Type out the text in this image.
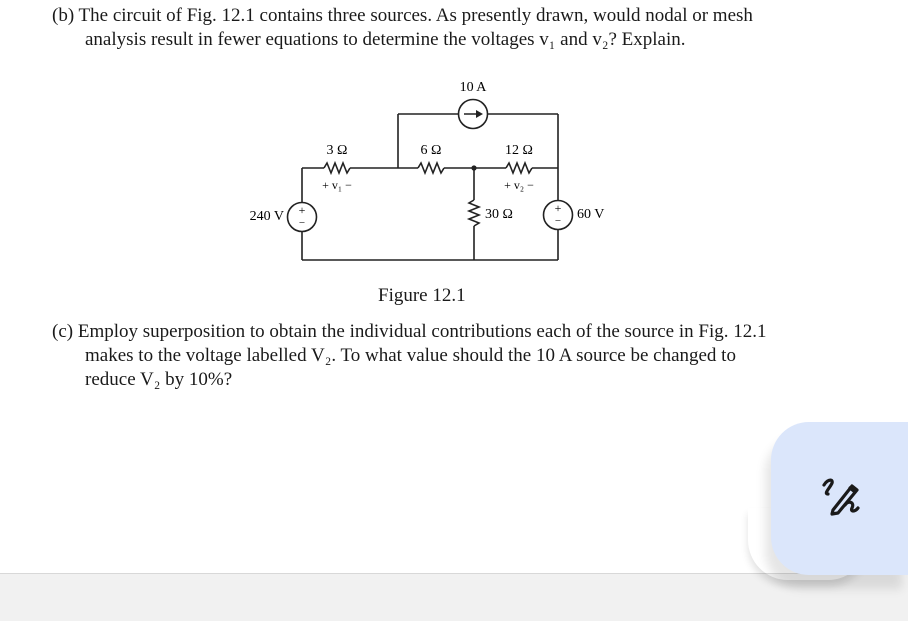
(b) The circuit of Fig. 12.1 contains three sources. As presently drawn, would nodal or mesh
analysis result in fewer equations to determine the voltages v₁ and v₂? Explain.
+
−
+
−
10 A
3 Ω	6 Ω	12 Ω
30 Ω
240 V	60 V
+ v₁ −	+ v₂ −
Figure 12.1
(c) Employ superposition to obtain the individual contributions each of the source in Fig. 12.1
makes to the voltage labelled V₂. To what value should the 10 A source be changed to
reduce V₂ by 10%?
